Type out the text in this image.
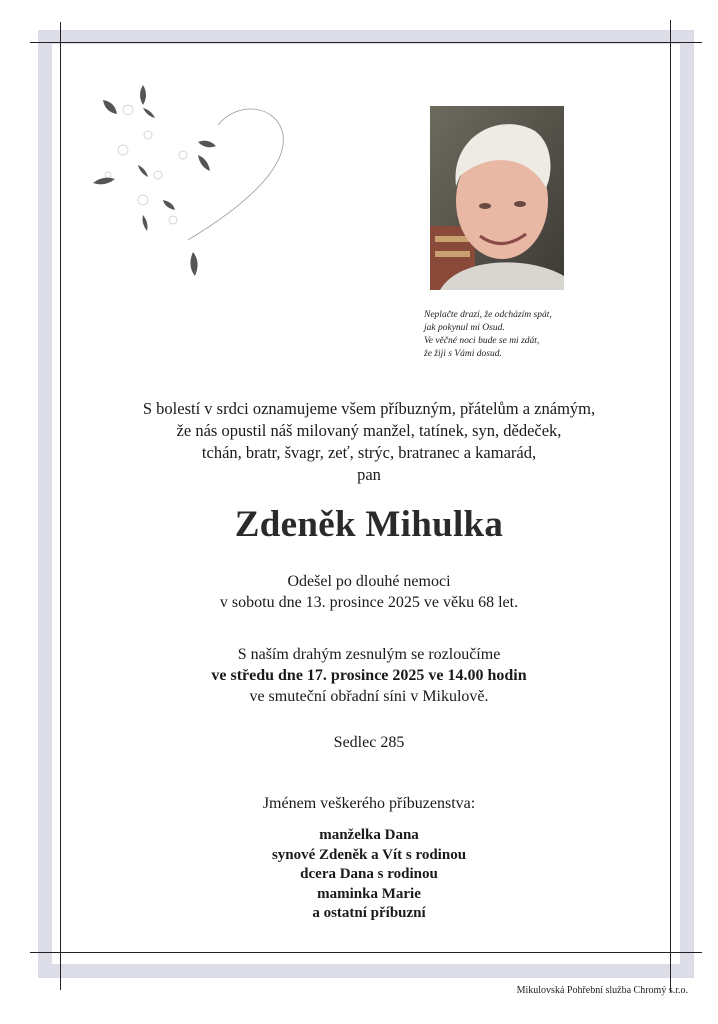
Neplačte drazí, že odcházím spát,
jak pokynul mi Osud.
Ve věčné noci bude se mi zdát,
že žiji s Vámi dosud.
S bolestí v srdci oznamujeme všem příbuzným, přátelům a známým,
že nás opustil náš milovaný manžel, tatínek, syn, dědeček,
tchán, bratr, švagr, zeť, strýc, bratranec a kamarád,
pan
Zdeněk Mihulka
Odešel po dlouhé nemoci
v sobotu dne 13. prosince 2025 ve věku 68 let.
S naším drahým zesnulým se rozloučíme
ve středu dne 17. prosince 2025 ve 14.00 hodin
ve smuteční obřadní síni v Mikulově.
Sedlec 285
Jménem veškerého příbuzenstva:
manželka Dana
synové Zdeněk a Vít s rodinou
dcera Dana s rodinou
maminka Marie
a ostatní příbuzní
Mikulovská Pohřební služba Chromý s.r.o.
